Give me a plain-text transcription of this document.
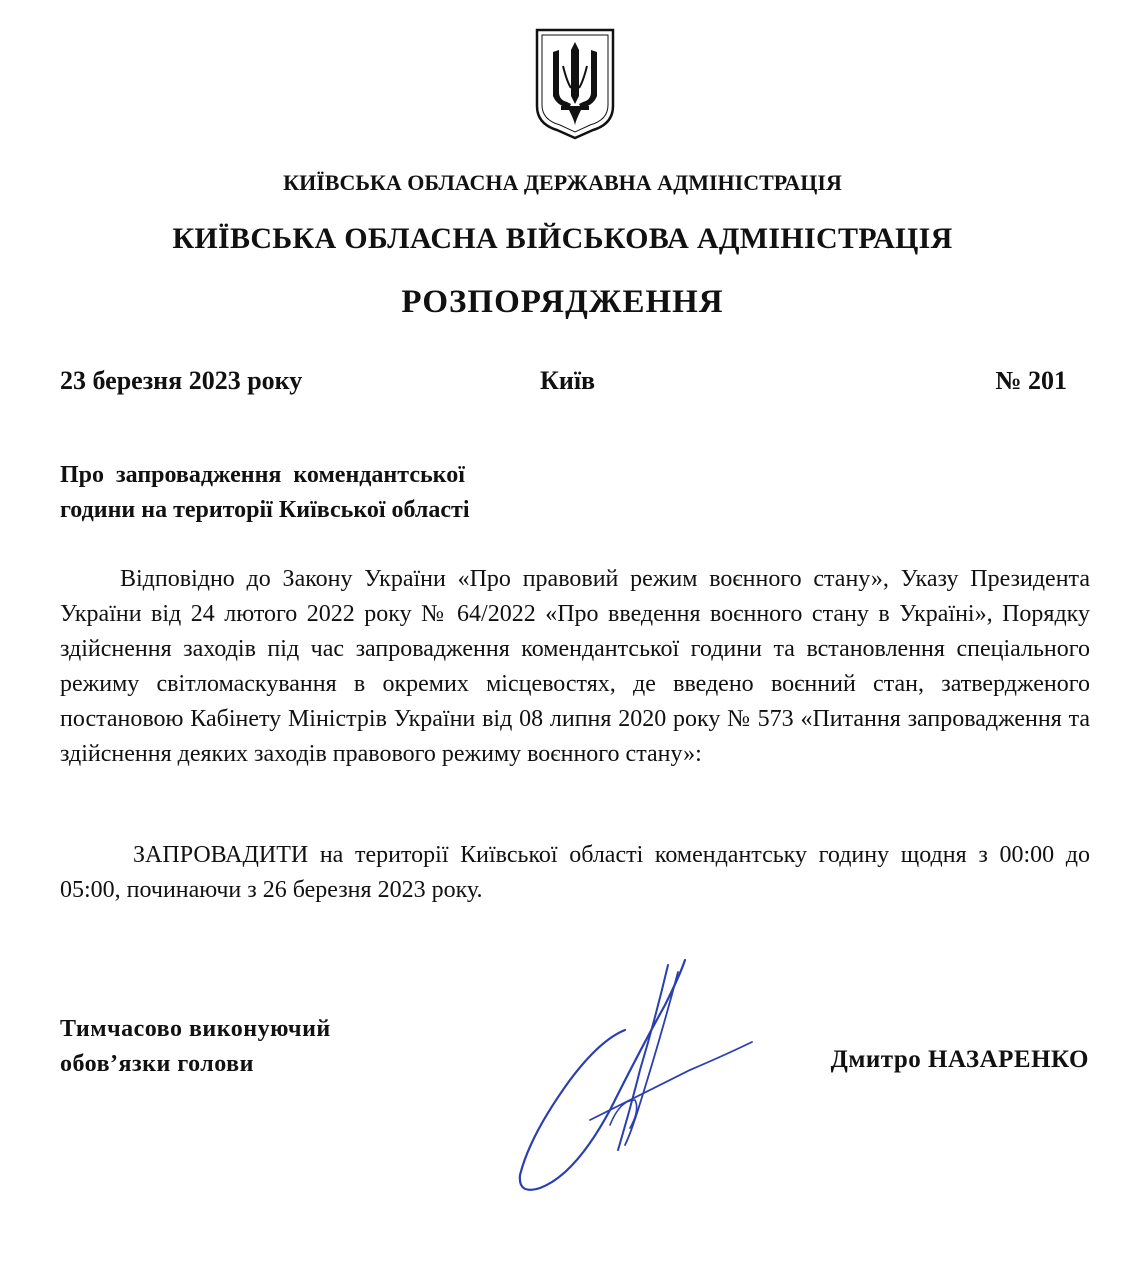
КИЇВСЬКА ОБЛАСНА ДЕРЖАВНА АДМІНІСТРАЦІЯ
КИЇВСЬКА ОБЛАСНА ВІЙСЬКОВА АДМІНІСТРАЦІЯ
РОЗПОРЯДЖЕННЯ
23 березня 2023 року	Київ	№ 201
Про  запровадження  комендантської
години на території Київської області

Відповідно до Закону України «Про правовий режим воєнного стану», Указу Президента України від 24 лютого 2022 року № 64/2022 «Про введення воєнного стану в Україні», Порядку здійснення заходів під час запровадження комендантської години та встановлення спеціального режиму світломаскування в окремих місцевостях, де введено воєнний стан, затвердженого постановою Кабінету Міністрів України від 08 липня 2020 року № 573 «Питання запровадження та здійснення деяких заходів правового режиму воєнного стану»:

ЗАПРОВАДИТИ на території Київської області комендантську годину щодня з 00:00 до 05:00, починаючи з 26 березня 2023 року.

Тимчасово виконуючий
обов’язки голови	Дмитро НАЗАРЕНКО
